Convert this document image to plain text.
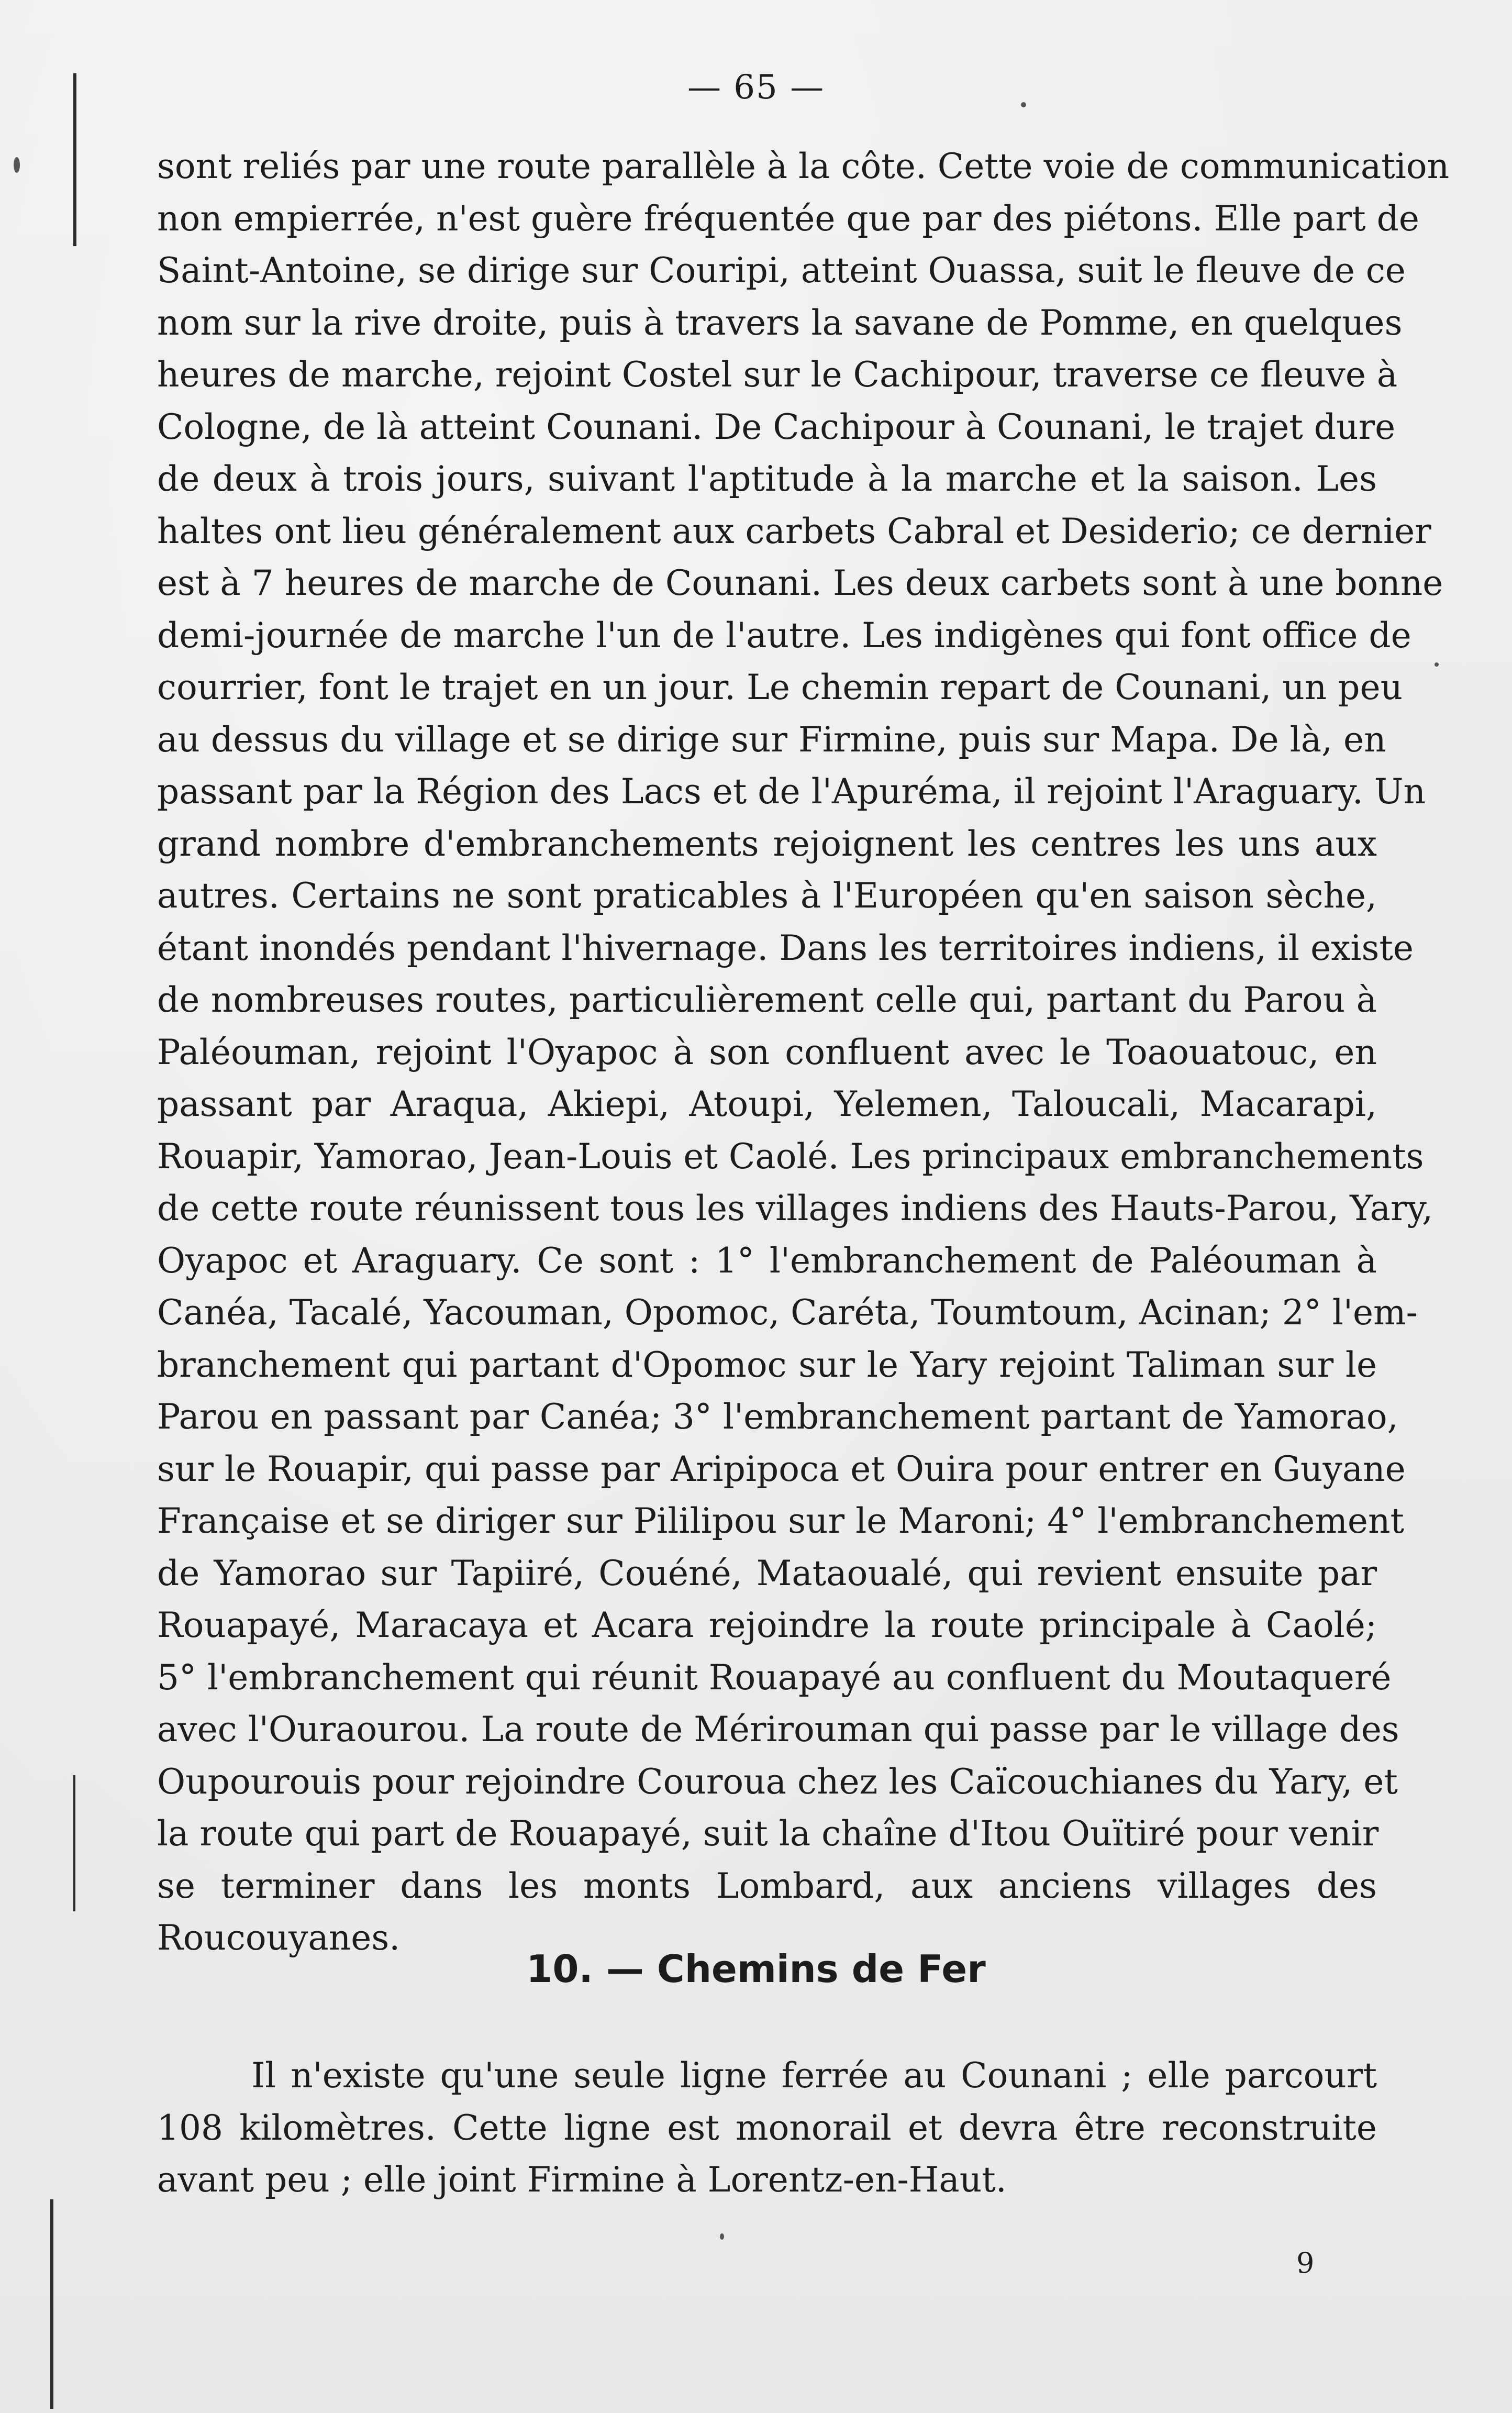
— 65 —
sont reliés par une route parallèle à la côte. Cette voie de communication
non empierrée, n'est guère fréquentée que par des piétons. Elle part de
Saint-Antoine, se dirige sur Couripi, atteint Ouassa, suit le fleuve de ce
nom sur la rive droite, puis à travers la savane de Pomme, en quelques
heures de marche, rejoint Costel sur le Cachipour, traverse ce fleuve à
Cologne, de là atteint Counani. De Cachipour à Counani, le trajet dure
de deux à trois jours, suivant l'aptitude à la marche et la saison. Les
haltes ont lieu généralement aux carbets Cabral et Desiderio; ce dernier
est à 7 heures de marche de Counani. Les deux carbets sont à une bonne
demi-journée de marche l'un de l'autre. Les indigènes qui font office de
courrier, font le trajet en un jour. Le chemin repart de Counani, un peu
au dessus du village et se dirige sur Firmine, puis sur Mapa. De là, en
passant par la Région des Lacs et de l'Apuréma, il rejoint l'Araguary. Un
grand nombre d'embranchements rejoignent les centres les uns aux
autres. Certains ne sont praticables à l'Européen qu'en saison sèche,
étant inondés pendant l'hivernage. Dans les territoires indiens, il existe
de nombreuses routes, particulièrement celle qui, partant du Parou à
Paléouman, rejoint l'Oyapoc à son confluent avec le Toaouatouc, en
passant par Araqua, Akiepi, Atoupi, Yelemen, Taloucali, Macarapi,
Rouapir, Yamorao, Jean-Louis et Caolé. Les principaux embranchements
de cette route réunissent tous les villages indiens des Hauts-Parou, Yary,
Oyapoc et Araguary. Ce sont : 1° l'embranchement de Paléouman à
Canéa, Tacalé, Yacouman, Opomoc, Caréta, Toumtoum, Acinan; 2° l'em-
branchement qui partant d'Opomoc sur le Yary rejoint Taliman sur le
Parou en passant par Canéa; 3° l'embranchement partant de Yamorao,
sur le Rouapir, qui passe par Aripipoca et Ouira pour entrer en Guyane
Française et se diriger sur Pililipou sur le Maroni; 4° l'embranchement
de Yamorao sur Tapiiré, Couéné, Mataoualé, qui revient ensuite par
Rouapayé, Maracaya et Acara rejoindre la route principale à Caolé;
5° l'embranchement qui réunit Rouapayé au confluent du Moutaqueré
avec l'Ouraourou. La route de Mérirouman qui passe par le village des
Oupourouis pour rejoindre Couroua chez les Caïcouchianes du Yary, et
la route qui part de Rouapayé, suit la chaîne d'Itou Ouïtiré pour venir
se terminer dans les monts Lombard, aux anciens villages des
Roucouyanes.
10. — Chemins de Fer
Il n'existe qu'une seule ligne ferrée au Counani ; elle parcourt
108 kilomètres. Cette ligne est monorail et devra être reconstruite
avant peu ; elle joint Firmine à Lorentz-en-Haut.
9
